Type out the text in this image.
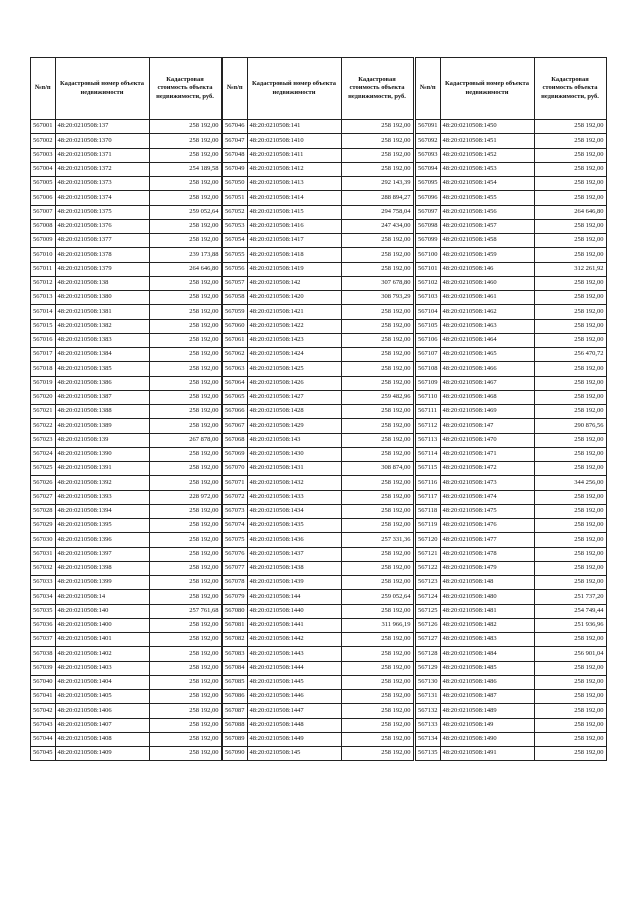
№п/п	Кадастровый номер объекта недвижимости	Кадастровая стоимость объекта недвижимости, руб.
567001	48:20:0210508:137	258 192,00
567002	48:20:0210508:1370	258 192,00
567003	48:20:0210508:1371	258 192,00
567004	48:20:0210508:1372	254 189,58
567005	48:20:0210508:1373	258 192,00
567006	48:20:0210508:1374	258 192,00
567007	48:20:0210508:1375	259 052,64
567008	48:20:0210508:1376	258 192,00
567009	48:20:0210508:1377	258 192,00
567010	48:20:0210508:1378	239 173,88
567011	48:20:0210508:1379	264 646,80
567012	48:20:0210508:138	258 192,00
567013	48:20:0210508:1380	258 192,00
567014	48:20:0210508:1381	258 192,00
567015	48:20:0210508:1382	258 192,00
567016	48:20:0210508:1383	258 192,00
567017	48:20:0210508:1384	258 192,00
567018	48:20:0210508:1385	258 192,00
567019	48:20:0210508:1386	258 192,00
567020	48:20:0210508:1387	258 192,00
567021	48:20:0210508:1388	258 192,00
567022	48:20:0210508:1389	258 192,00
567023	48:20:0210508:139	267 878,00
567024	48:20:0210508:1390	258 192,00
567025	48:20:0210508:1391	258 192,00
567026	48:20:0210508:1392	258 192,00
567027	48:20:0210508:1393	228 972,00
567028	48:20:0210508:1394	258 192,00
567029	48:20:0210508:1395	258 192,00
567030	48:20:0210508:1396	258 192,00
567031	48:20:0210508:1397	258 192,00
567032	48:20:0210508:1398	258 192,00
567033	48:20:0210508:1399	258 192,00
567034	48:20:0210508:14	258 192,00
567035	48:20:0210508:140	257 761,68
567036	48:20:0210508:1400	258 192,00
567037	48:20:0210508:1401	258 192,00
567038	48:20:0210508:1402	258 192,00
567039	48:20:0210508:1403	258 192,00
567040	48:20:0210508:1404	258 192,00
567041	48:20:0210508:1405	258 192,00
567042	48:20:0210508:1406	258 192,00
567043	48:20:0210508:1407	258 192,00
567044	48:20:0210508:1408	258 192,00
567045	48:20:0210508:1409	258 192,00
№п/п	Кадастровый номер объекта недвижимости	Кадастровая стоимость объекта недвижимости, руб.
567046	48:20:0210508:141	258 192,00
567047	48:20:0210508:1410	258 192,00
567048	48:20:0210508:1411	258 192,00
567049	48:20:0210508:1412	258 192,00
567050	48:20:0210508:1413	292 143,39
567051	48:20:0210508:1414	288 894,27
567052	48:20:0210508:1415	294 758,04
567053	48:20:0210508:1416	247 434,00
567054	48:20:0210508:1417	258 192,00
567055	48:20:0210508:1418	258 192,00
567056	48:20:0210508:1419	258 192,00
567057	48:20:0210508:142	307 678,80
567058	48:20:0210508:1420	308 793,29
567059	48:20:0210508:1421	258 192,00
567060	48:20:0210508:1422	258 192,00
567061	48:20:0210508:1423	258 192,00
567062	48:20:0210508:1424	258 192,00
567063	48:20:0210508:1425	258 192,00
567064	48:20:0210508:1426	258 192,00
567065	48:20:0210508:1427	259 482,96
567066	48:20:0210508:1428	258 192,00
567067	48:20:0210508:1429	258 192,00
567068	48:20:0210508:143	258 192,00
567069	48:20:0210508:1430	258 192,00
567070	48:20:0210508:1431	308 874,00
567071	48:20:0210508:1432	258 192,00
567072	48:20:0210508:1433	258 192,00
567073	48:20:0210508:1434	258 192,00
567074	48:20:0210508:1435	258 192,00
567075	48:20:0210508:1436	257 331,36
567076	48:20:0210508:1437	258 192,00
567077	48:20:0210508:1438	258 192,00
567078	48:20:0210508:1439	258 192,00
567079	48:20:0210508:144	259 052,64
567080	48:20:0210508:1440	258 192,00
567081	48:20:0210508:1441	311 966,19
567082	48:20:0210508:1442	258 192,00
567083	48:20:0210508:1443	258 192,00
567084	48:20:0210508:1444	258 192,00
567085	48:20:0210508:1445	258 192,00
567086	48:20:0210508:1446	258 192,00
567087	48:20:0210508:1447	258 192,00
567088	48:20:0210508:1448	258 192,00
567089	48:20:0210508:1449	258 192,00
567090	48:20:0210508:145	258 192,00
№п/п	Кадастровый номер объекта недвижимости	Кадастровая стоимость объекта недвижимости, руб.
567091	48:20:0210508:1450	258 192,00
567092	48:20:0210508:1451	258 192,00
567093	48:20:0210508:1452	258 192,00
567094	48:20:0210508:1453	258 192,00
567095	48:20:0210508:1454	258 192,00
567096	48:20:0210508:1455	258 192,00
567097	48:20:0210508:1456	264 646,80
567098	48:20:0210508:1457	258 192,00
567099	48:20:0210508:1458	258 192,00
567100	48:20:0210508:1459	258 192,00
567101	48:20:0210508:146	312 261,92
567102	48:20:0210508:1460	258 192,00
567103	48:20:0210508:1461	258 192,00
567104	48:20:0210508:1462	258 192,00
567105	48:20:0210508:1463	258 192,00
567106	48:20:0210508:1464	258 192,00
567107	48:20:0210508:1465	256 470,72
567108	48:20:0210508:1466	258 192,00
567109	48:20:0210508:1467	258 192,00
567110	48:20:0210508:1468	258 192,00
567111	48:20:0210508:1469	258 192,00
567112	48:20:0210508:147	290 876,56
567113	48:20:0210508:1470	258 192,00
567114	48:20:0210508:1471	258 192,00
567115	48:20:0210508:1472	258 192,00
567116	48:20:0210508:1473	344 256,00
567117	48:20:0210508:1474	258 192,00
567118	48:20:0210508:1475	258 192,00
567119	48:20:0210508:1476	258 192,00
567120	48:20:0210508:1477	258 192,00
567121	48:20:0210508:1478	258 192,00
567122	48:20:0210508:1479	258 192,00
567123	48:20:0210508:148	258 192,00
567124	48:20:0210508:1480	251 737,20
567125	48:20:0210508:1481	254 749,44
567126	48:20:0210508:1482	251 936,96
567127	48:20:0210508:1483	258 192,00
567128	48:20:0210508:1484	256 901,04
567129	48:20:0210508:1485	258 192,00
567130	48:20:0210508:1486	258 192,00
567131	48:20:0210508:1487	258 192,00
567132	48:20:0210508:1489	258 192,00
567133	48:20:0210508:149	258 192,00
567134	48:20:0210508:1490	258 192,00
567135	48:20:0210508:1491	258 192,00
